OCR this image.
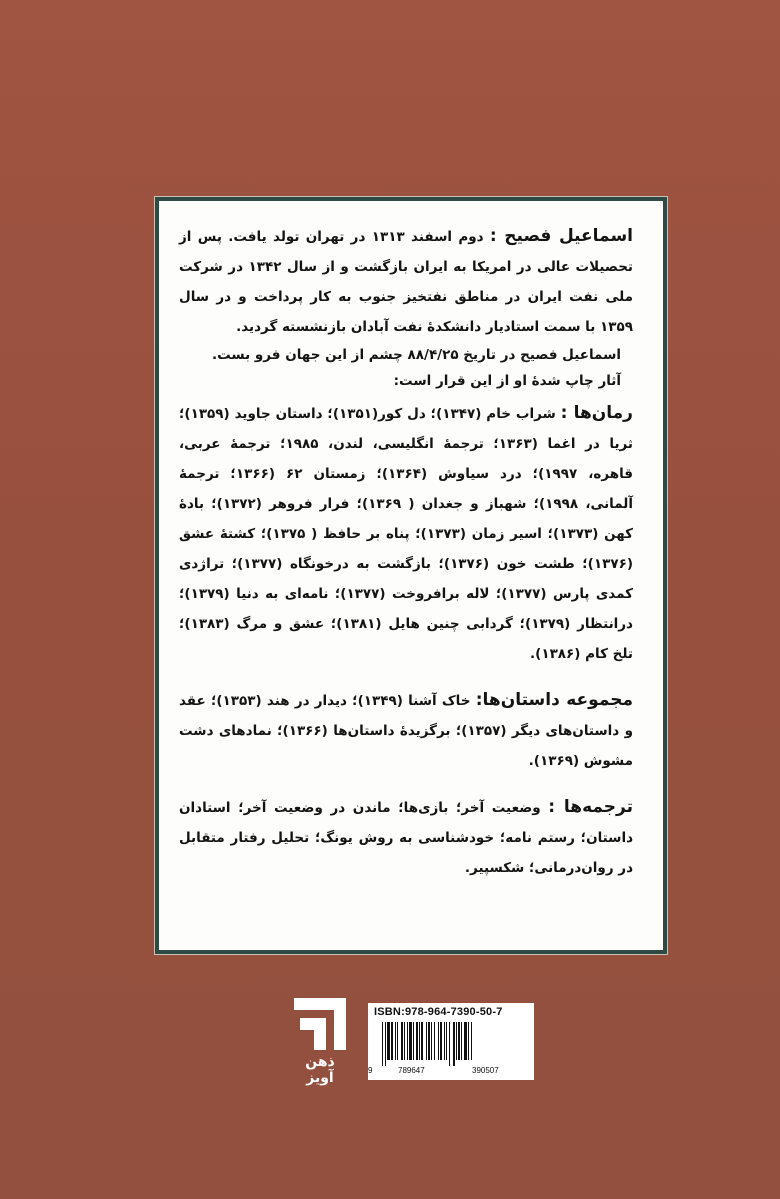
اسماعیل فصیح : دوم اسفند ۱۳۱۳ در تهران تولد یافت. پس از تحصیلات عالی در امریکا به ایران بازگشت و از سال ۱۳۴۲ در شرکت ملی نفت ایران در مناطق نفتخیز جنوب به کار پرداخت و در سال ۱۳۵۹ با سمت استادیار دانشکدهٔ نفت آبادان بازنشسته گردید.

اسماعیل فصیح در تاریخ ۸۸/۴/۲۵ چشم از این جهان فرو بست.

آثار چاپ شدهٔ او از این قرار است:

رمان‌ها : شراب خام (۱۳۴۷)؛ دل کور(۱۳۵۱)؛ داستان جاوید (۱۳۵۹)؛ ثریا در اغما (۱۳۶۳؛ ترجمهٔ انگلیسی، لندن، ۱۹۸۵؛ ترجمهٔ عربی، قاهره، ۱۹۹۷)؛ درد سیاوش (۱۳۶۴)؛ زمستان ۶۲ (۱۳۶۶؛ ترجمهٔ آلمانی، ۱۹۹۸)؛ شهباز و جغدان ( ۱۳۶۹)؛ فرار فروهر (۱۳۷۲)؛ بادهٔ کهن (۱۳۷۳)؛ اسیر زمان (۱۳۷۳)؛ پناه بر حافظ ( ۱۳۷۵)؛ کشتهٔ عشق (۱۳۷۶)؛ طشت خون (۱۳۷۶)؛ بازگشت به درخونگاه (۱۳۷۷)؛ تراژدی کمدی پارس (۱۳۷۷)؛ لاله برافروخت (۱۳۷۷)؛ نامه‌ای به دنیا (۱۳۷۹)؛ درانتظار (۱۳۷۹)؛ گردابی چنین هایل (۱۳۸۱)؛ عشق و مرگ (۱۳۸۳)؛ تلخ کام (۱۳۸۶).

مجموعه داستان‌ها: خاک آشنا (۱۳۴۹)؛ دیدار در هند (۱۳۵۳)؛ عقد و داستان‌های دیگر (۱۳۵۷)؛ برگزیدهٔ داستان‌ها (۱۳۶۶)؛ نمادهای دشت مشوش (۱۳۶۹).

ترجمه‌ها : وضعیت آخر؛ بازی‌ها؛ ماندن در وضعیت آخر؛ استادان داستان؛ رستم نامه؛ خودشناسی به روش یونگ؛ تحلیل رفتار متقابل در روان‌درمانی؛ شکسپیر.

ذهن آویز
ISBN:978-964-7390-50-7
9	789647	390507
